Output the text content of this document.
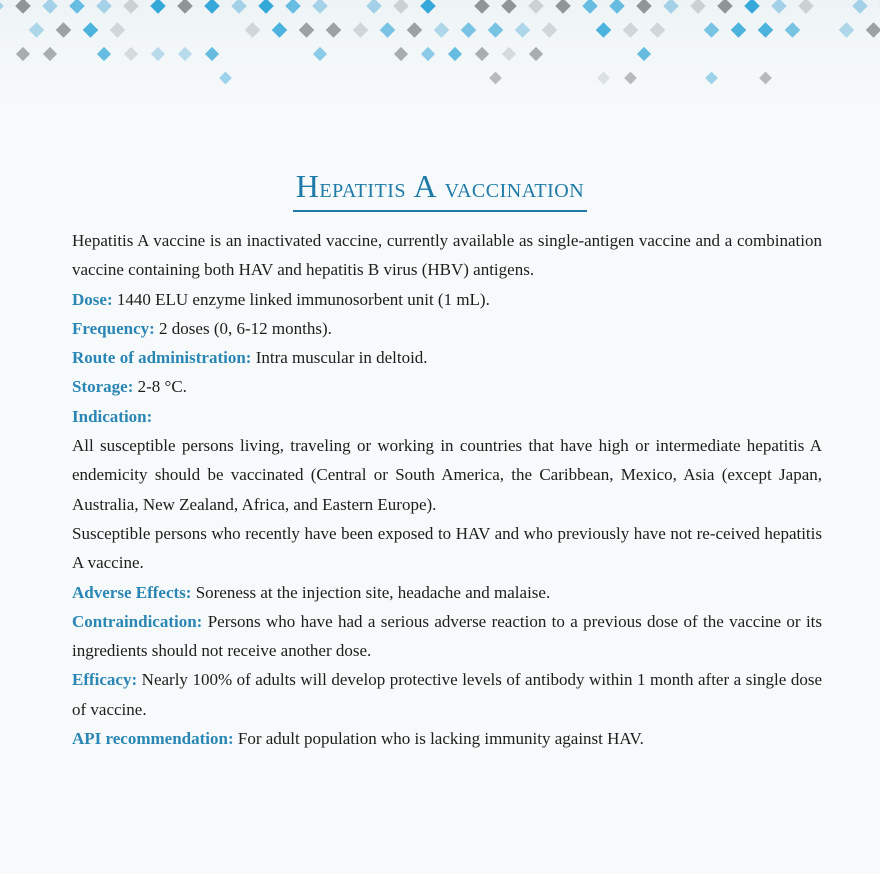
Hepatitis A vaccination

Hepatitis A vaccine is an inactivated vaccine, currently available as single-antigen vaccine and a combination vaccine containing both HAV and hepatitis B virus (HBV) antigens.

Dose: 1440 ELU enzyme linked immunosorbent unit (1 mL).

Frequency: 2 doses (0, 6-12 months).

Route of administration: Intra muscular in deltoid.

Storage: 2-8 °C.

Indication:

All susceptible persons living, traveling or working in countries that have high or intermediate hepatitis A endemicity should be vaccinated (Central or South America, the Caribbean, Mexico, Asia (except Japan, Australia, New Zealand, Africa, and Eastern Europe).

Susceptible persons who recently have been exposed to HAV and who previously have not re-ceived hepatitis A vaccine.

Adverse Effects: Soreness at the injection site, headache and malaise.

Contraindication: Persons who have had a serious adverse reaction to a previous dose of the vaccine or its ingredients should not receive another dose.

Efficacy: Nearly 100% of adults will develop protective levels of antibody within 1 month after a single dose of vaccine.

API recommendation: For adult population who is lacking immunity against HAV.
